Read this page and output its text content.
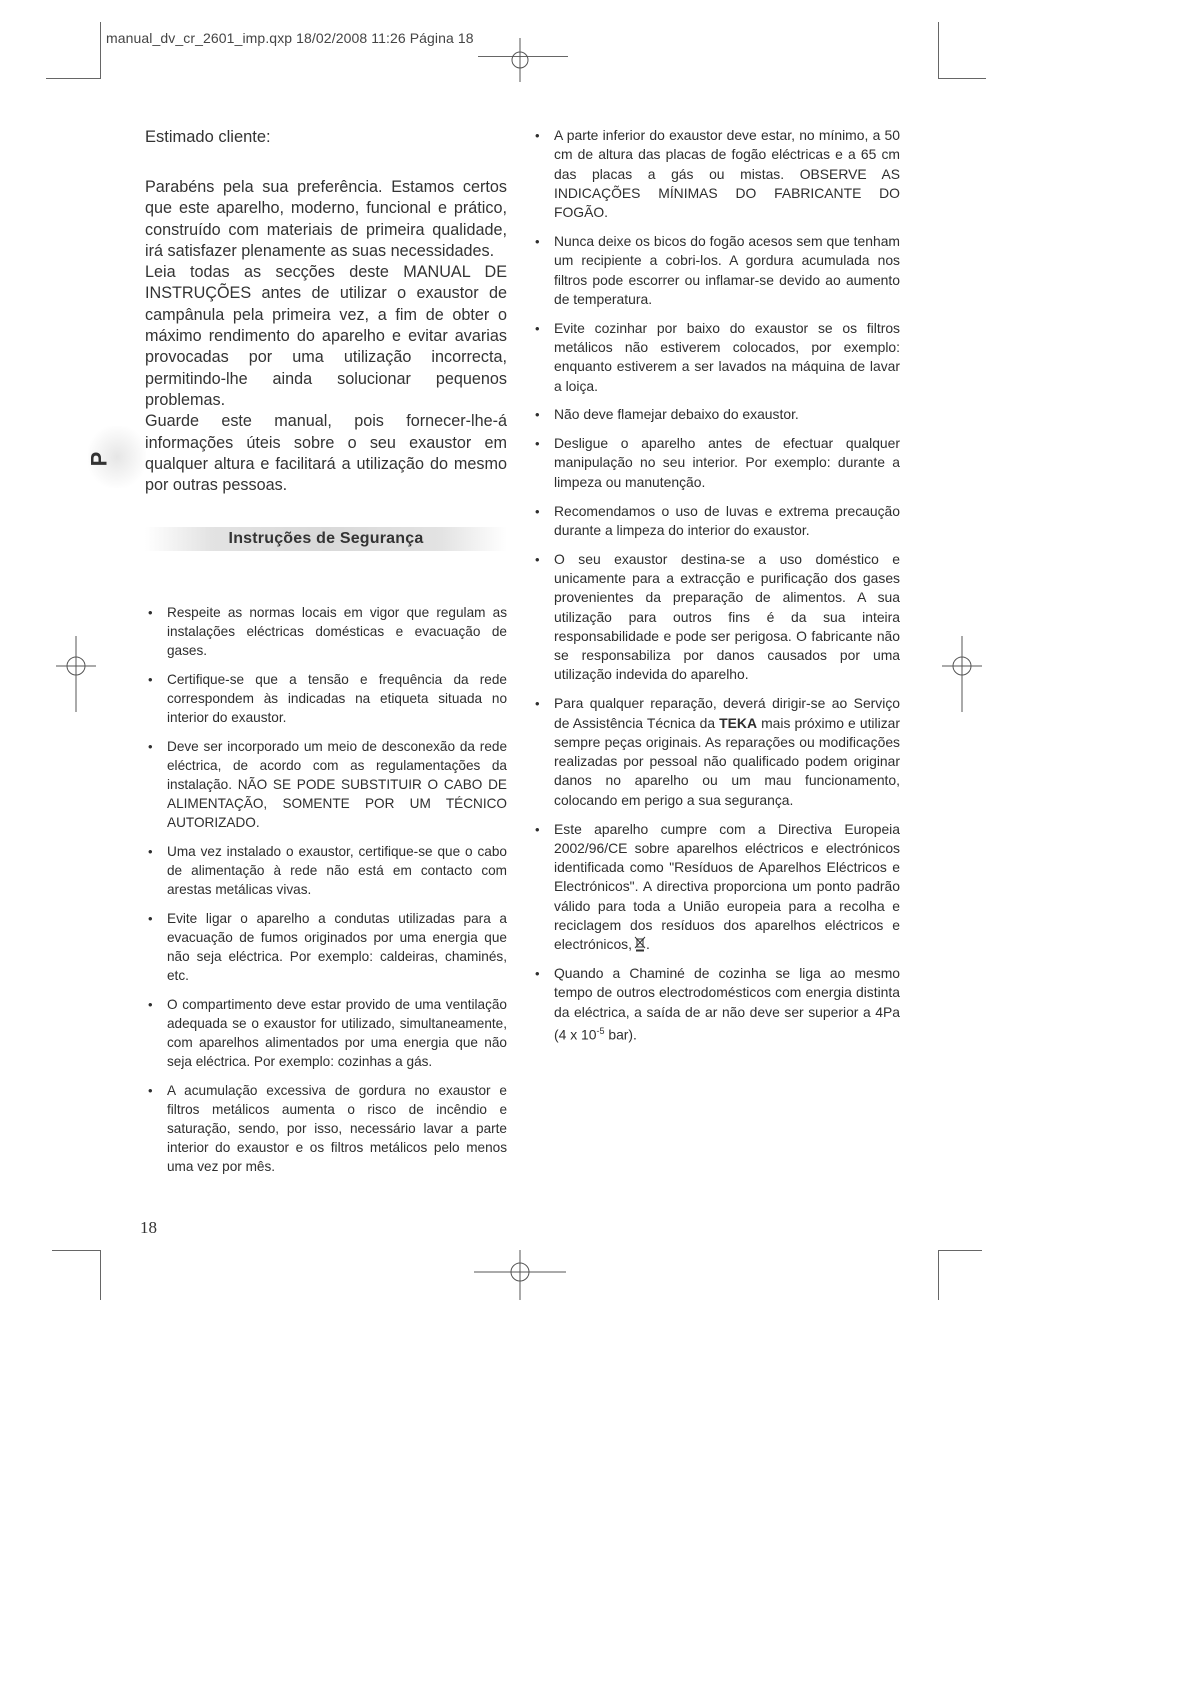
manual_dv_cr_2601_imp.qxp 18/02/2008 11:26 Página 18
P
Estimado cliente:

Parabéns pela sua preferência. Estamos certos que este aparelho, moderno, funcional e prático, construído com materiais de primeira qualidade, irá satisfazer plenamente as suas necessidades.

Leia todas as secções deste MANUAL DE INSTRUÇÕES antes de utilizar o exaustor de campânula pela primeira vez, a fim de obter o máximo rendimento do aparelho e evitar avarias provocadas por uma utilização incorrecta, permitindo-lhe ainda solucionar pequenos problemas.

Guarde este manual, pois fornecer-lhe-á informações úteis sobre o seu exaustor em qualquer altura e facilitará a utilização do mesmo por outras pessoas.

Instruções de Segurança
• Respeite as normas locais em vigor que regulam as instalações eléctricas domésticas e evacuação de gases.
• Certifique-se que a tensão e frequência da rede correspondem às indicadas na etiqueta situada no interior do exaustor.
• Deve ser incorporado um meio de desconexão da rede eléctrica, de acordo com as regulamentações da instalação. NÃO SE PODE SUBSTITUIR O CABO DE ALIMENTAÇÃO, SOMENTE POR UM TÉCNICO AUTORIZADO.
• Uma vez instalado o exaustor, certifique-se que o cabo de alimentação à rede não está em contacto com arestas metálicas vivas.
• Evite ligar o aparelho a condutas utilizadas para a evacuação de fumos originados por uma energia que não seja eléctrica. Por exemplo: caldeiras, chaminés, etc.
• O compartimento deve estar provido de uma ventilação adequada se o exaustor for utilizado, simultaneamente, com aparelhos alimentados por uma energia que não seja eléctrica. Por exemplo: cozinhas a gás.
• A acumulação excessiva de gordura no exaustor e filtros metálicos aumenta o risco de incêndio e saturação, sendo, por isso, necessário lavar a parte interior do exaustor e os filtros metálicos pelo menos uma vez por mês.
• A parte inferior do exaustor deve estar, no mínimo, a 50 cm de altura das placas de fogão eléctricas e a 65 cm das placas a gás ou mistas. OBSERVE AS INDICAÇÕES MÍNIMAS DO FABRICANTE DO FOGÃO.
• Nunca deixe os bicos do fogão acesos sem que tenham um recipiente a cobri-los. A gordura acumulada nos filtros pode escorrer ou inflamar-se devido ao aumento de temperatura.
• Evite cozinhar por baixo do exaustor se os filtros metálicos não estiverem colocados, por exemplo: enquanto estiverem a ser lavados na máquina de lavar a loiça.
• Não deve flamejar debaixo do exaustor.
• Desligue o aparelho antes de efectuar qualquer manipulação no seu interior. Por exemplo: durante a limpeza ou manutenção.
• Recomendamos o uso de luvas e extrema precaução durante a limpeza do interior do exaustor.
• O seu exaustor destina-se a uso doméstico e unicamente para a extracção e purificação dos gases provenientes da preparação de alimentos. A sua utilização para outros fins é da sua inteira responsabilidade e pode ser perigosa. O fabricante não se responsabiliza por danos causados por uma utilização indevida do aparelho.
• Para qualquer reparação, deverá dirigir-se ao Serviço de Assistência Técnica da TEKA mais próximo e utilizar sempre peças originais. As reparações ou modificações realizadas por pessoal não qualificado podem originar danos no aparelho ou um mau funcionamento, colocando em perigo a sua segurança.
• Este aparelho cumpre com a Directiva Europeia 2002/96/CE sobre aparelhos eléctricos e electrónicos identificada como "Resíduos de Aparelhos Eléctricos e Electrónicos". A directiva proporciona um ponto padrão válido para toda a União europeia para a recolha e reciclagem dos resíduos dos aparelhos eléctricos e electrónicos, .
• Quando a Chaminé de cozinha se liga ao mesmo tempo de outros electrodomésticos com energia distinta da eléctrica, a saída de ar não deve ser superior a 4Pa (4 x $10^{-5}$ bar).
18
